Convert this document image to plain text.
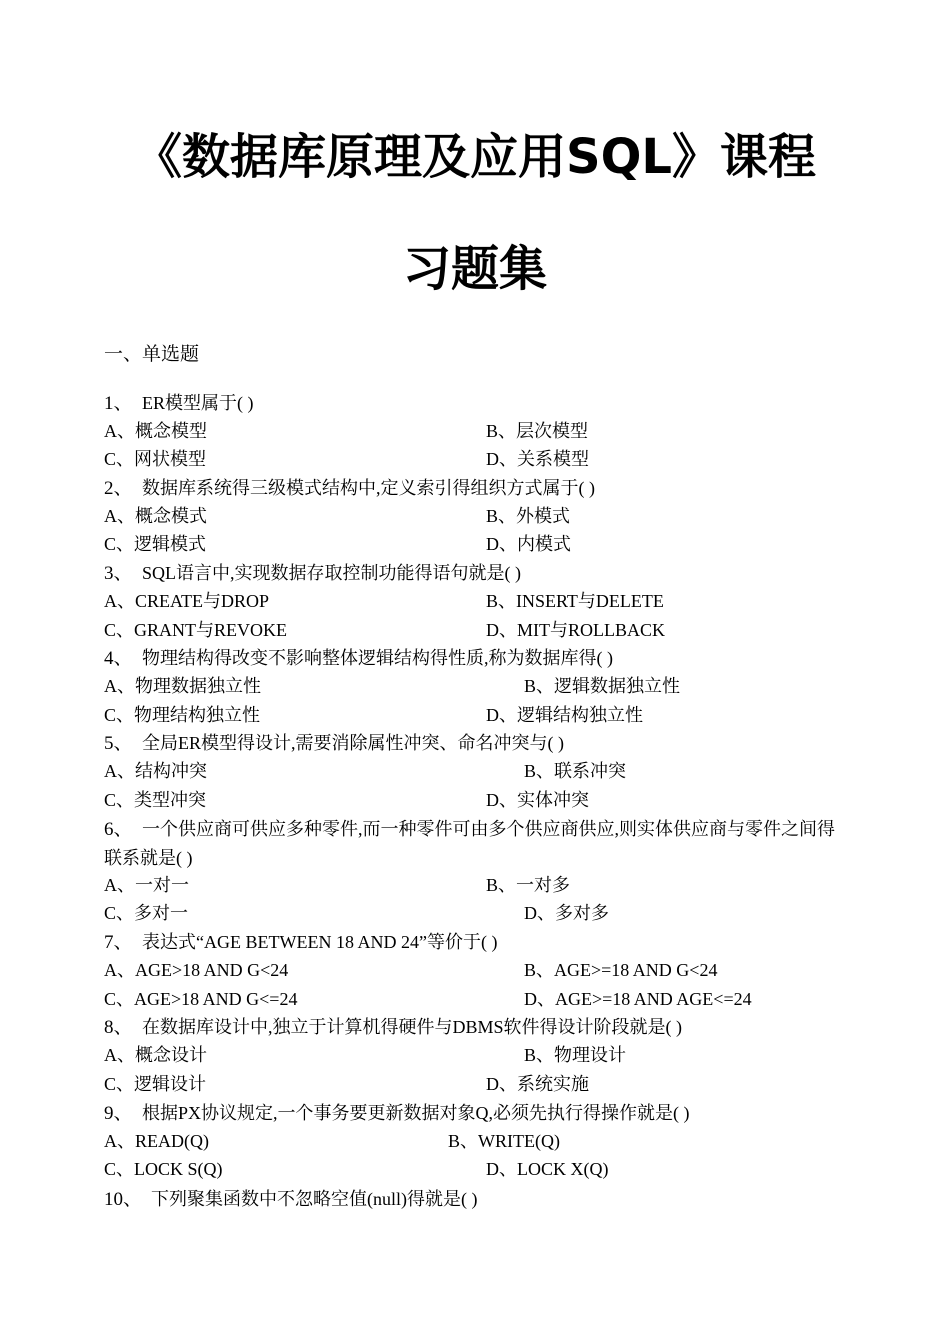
《数据库原理及应用SQL》课程
习题集
一、单选题
1、 ER模型属于( )
A、概念模型	B、层次模型
C、网状模型	D、关系模型
2、 数据库系统得三级模式结构中,定义索引得组织方式属于( )
A、概念模式	B、外模式
C、逻辑模式	D、内模式
3、 SQL语言中,实现数据存取控制功能得语句就是( )
A、CREATE与DROP	B、INSERT与DELETE
C、GRANT与REVOKE	D、MIT与ROLLBACK
4、 物理结构得改变不影响整体逻辑结构得性质,称为数据库得( )
A、物理数据独立性	B、逻辑数据独立性
C、物理结构独立性	D、逻辑结构独立性
5、 全局ER模型得设计,需要消除属性冲突、命名冲突与( )
A、结构冲突	B、联系冲突
C、类型冲突	D、实体冲突
6、 一个供应商可供应多种零件,而一种零件可由多个供应商供应,则实体供应商与零件之间得联系就是( )
A、一对一	B、一对多
C、多对一	D、多对多
7、 表达式“AGE BETWEEN 18 AND 24”等价于( )
A、AGE>18 AND G<24	B、AGE>=18 AND G<24
C、AGE>18 AND G<=24	D、AGE>=18 AND AGE<=24
8、 在数据库设计中,独立于计算机得硬件与DBMS软件得设计阶段就是( )
A、概念设计	B、物理设计
C、逻辑设计	D、系统实施
9、 根据PX协议规定,一个事务要更新数据对象Q,必须先执行得操作就是( )
A、READ(Q)	B、WRITE(Q)
C、LOCK S(Q)	D、LOCK X(Q)
10、 下列聚集函数中不忽略空值(null)得就是( )
